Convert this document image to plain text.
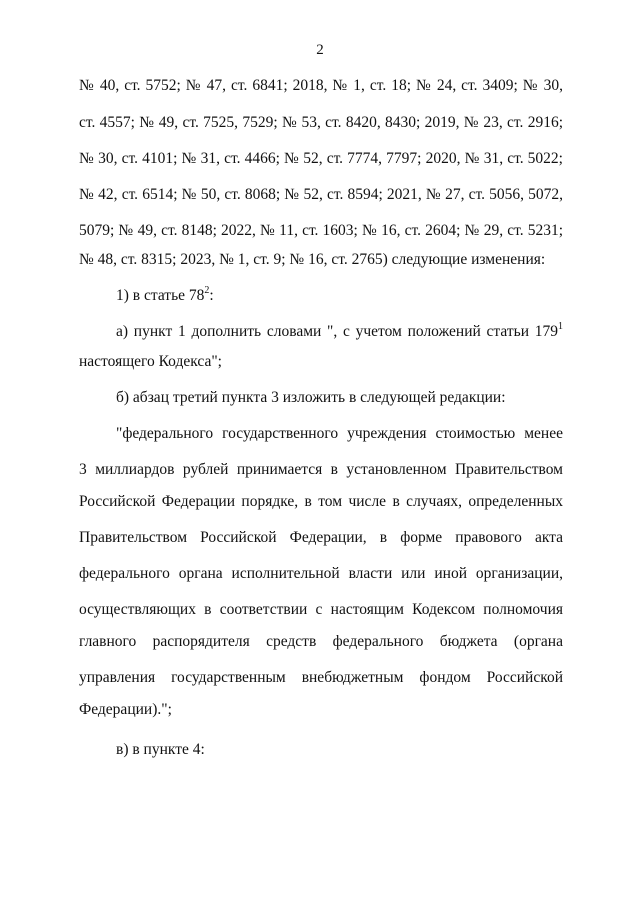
2
№ 40, ст. 5752; № 47, ст. 6841; 2018, № 1, ст. 18; № 24, ст. 3409; № 30,
ст. 4557; № 49, ст. 7525, 7529; № 53, ст. 8420, 8430; 2019, № 23, ст. 2916;
№ 30, ст. 4101; № 31, ст. 4466; № 52, ст. 7774, 7797; 2020, № 31, ст. 5022;
№ 42, ст. 6514; № 50, ст. 8068; № 52, ст. 8594; 2021, № 27, ст. 5056, 5072,
5079; № 49, ст. 8148; 2022, № 11, ст. 1603; № 16, ст. 2604; № 29, ст. 5231;
№ 48, ст. 8315; 2023, № 1, ст. 9; № 16, ст. 2765) следующие изменения:
1) в статье $78^2$:
а) пункт 1 дополнить словами ", с учетом положений статьи $179^1$
настоящего Кодекса";
б) абзац третий пункта 3 изложить в следующей редакции:
"федерального государственного учреждения стоимостью менее
3 миллиардов рублей принимается в установленном Правительством
Российской Федерации порядке, в том числе в случаях, определенных
Правительством Российской Федерации, в форме правового акта
федерального органа исполнительной власти или иной организации,
осуществляющих в соответствии с настоящим Кодексом полномочия
главного распорядителя средств федерального бюджета (органа
управления государственным внебюджетным фондом Российской
Федерации).";
в) в пункте 4:
